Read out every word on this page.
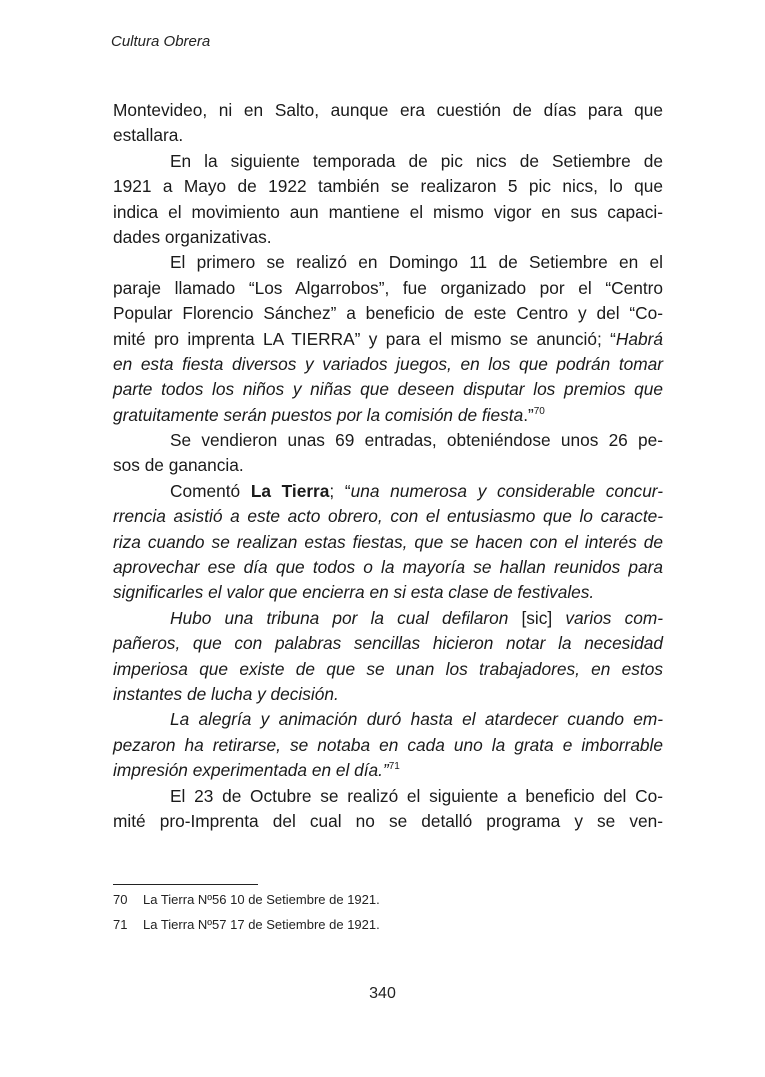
Cultura Obrera
Montevideo, ni en Salto, aunque era cuestión de días para que
estallara.
En la siguiente temporada de pic nics de Setiembre de
1921 a Mayo de 1922 también se realizaron 5 pic nics, lo que
indica el movimiento aun mantiene el mismo vigor en sus capaci-
dades organizativas.
El primero se realizó en Domingo 11 de Setiembre en el
paraje llamado “Los Algarrobos”, fue organizado por el “Centro
Popular Florencio Sánchez” a beneficio de este Centro y del “Co-
mité pro imprenta LA TIERRA” y para el mismo se anunció; “Habrá
en esta fiesta diversos y variados juegos, en los que podrán tomar
parte todos los niños y niñas que deseen disputar los premios que
gratuitamente serán puestos por la comisión de fiesta.”$^{70}$
Se vendieron unas 69 entradas, obteniéndose unos 26 pe-
sos de ganancia.
Comentó La Tierra; “una numerosa y considerable concur-
rrencia asistió a este acto obrero, con el entusiasmo que lo caracte-
riza cuando se realizan estas fiestas, que se hacen con el interés de
aprovechar ese día que todos o la mayoría se hallan reunidos para
significarles el valor que encierra en si esta clase de festivales.
Hubo una tribuna por la cual defilaron [sic] varios com-
pañeros, que con palabras sencillas hicieron notar la necesidad
imperiosa que existe de que se unan los trabajadores, en estos
instantes de lucha y decisión.
La alegría y animación duró hasta el atardecer cuando em-
pezaron ha retirarse, se notaba en cada uno la grata e imborrable
impresión experimentada en el día.”$^{71}$
El 23 de Octubre se realizó el siguiente a beneficio del Co-
mité pro-Imprenta del cual no se detalló programa y se ven-
70 La Tierra Nº56 10 de Setiembre de 1921.
71 La Tierra Nº57 17 de Setiembre de 1921.
340
